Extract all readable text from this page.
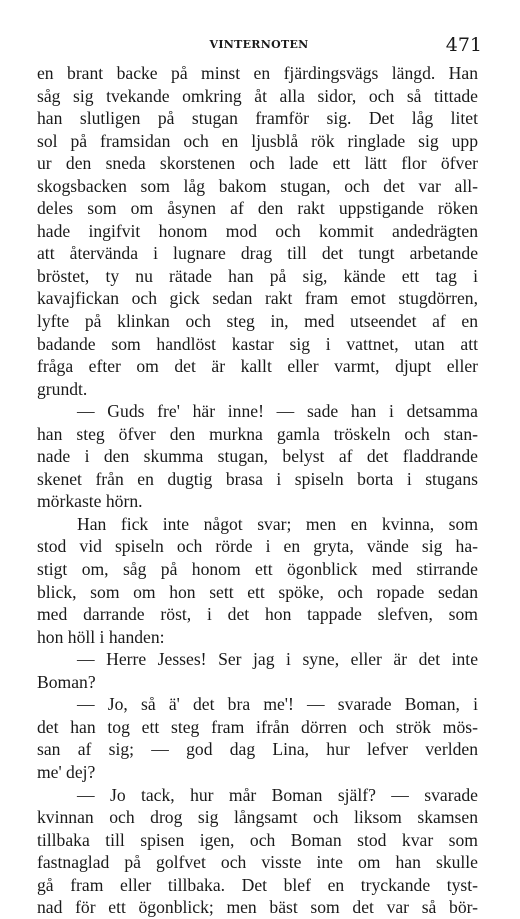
VINTERNOTEN	471
en brant backe på minst en fjärdingsvägs längd. Han
såg sig tvekande omkring åt alla sidor, och så tittade
han slutligen på stugan framför sig. Det låg litet
sol på framsidan och en ljusblå rök ringlade sig upp
ur den sneda skorstenen och lade ett lätt flor öfver
skogsbacken som låg bakom stugan, och det var all-
deles som om åsynen af den rakt uppstigande röken
hade ingifvit honom mod och kommit andedrägten
att återvända i lugnare drag till det tungt arbetande
bröstet, ty nu rätade han på sig, kände ett tag i
kavajfickan och gick sedan rakt fram emot stugdörren,
lyfte på klinkan och steg in, med utseendet af en
badande som handlöst kastar sig i vattnet, utan att
fråga efter om det är kallt eller varmt, djupt eller
grundt.
— Guds fre' här inne! — sade han i detsamma
han steg öfver den murkna gamla tröskeln och stan-
nade i den skumma stugan, belyst af det fladdrande
skenet från en dugtig brasa i spiseln borta i stugans
mörkaste hörn.
Han fick inte något svar; men en kvinna, som
stod vid spiseln och rörde i en gryta, vände sig ha-
stigt om, såg på honom ett ögonblick med stirrande
blick, som om hon sett ett spöke, och ropade sedan
med darrande röst, i det hon tappade slefven, som
hon höll i handen:
— Herre Jesses! Ser jag i syne, eller är det inte
Boman?
— Jo, så ä' det bra me'! — svarade Boman, i
det han tog ett steg fram ifrån dörren och strök mös-
san af sig; — god dag Lina, hur lefver verlden
me' dej?
— Jo tack, hur mår Boman själf? — svarade
kvinnan och drog sig långsamt och liksom skamsen
tillbaka till spisen igen, och Boman stod kvar som
fastnaglad på golfvet och visste inte om han skulle
gå fram eller tillbaka. Det blef en tryckande tyst-
nad för ett ögonblick; men bäst som det var så bör-
